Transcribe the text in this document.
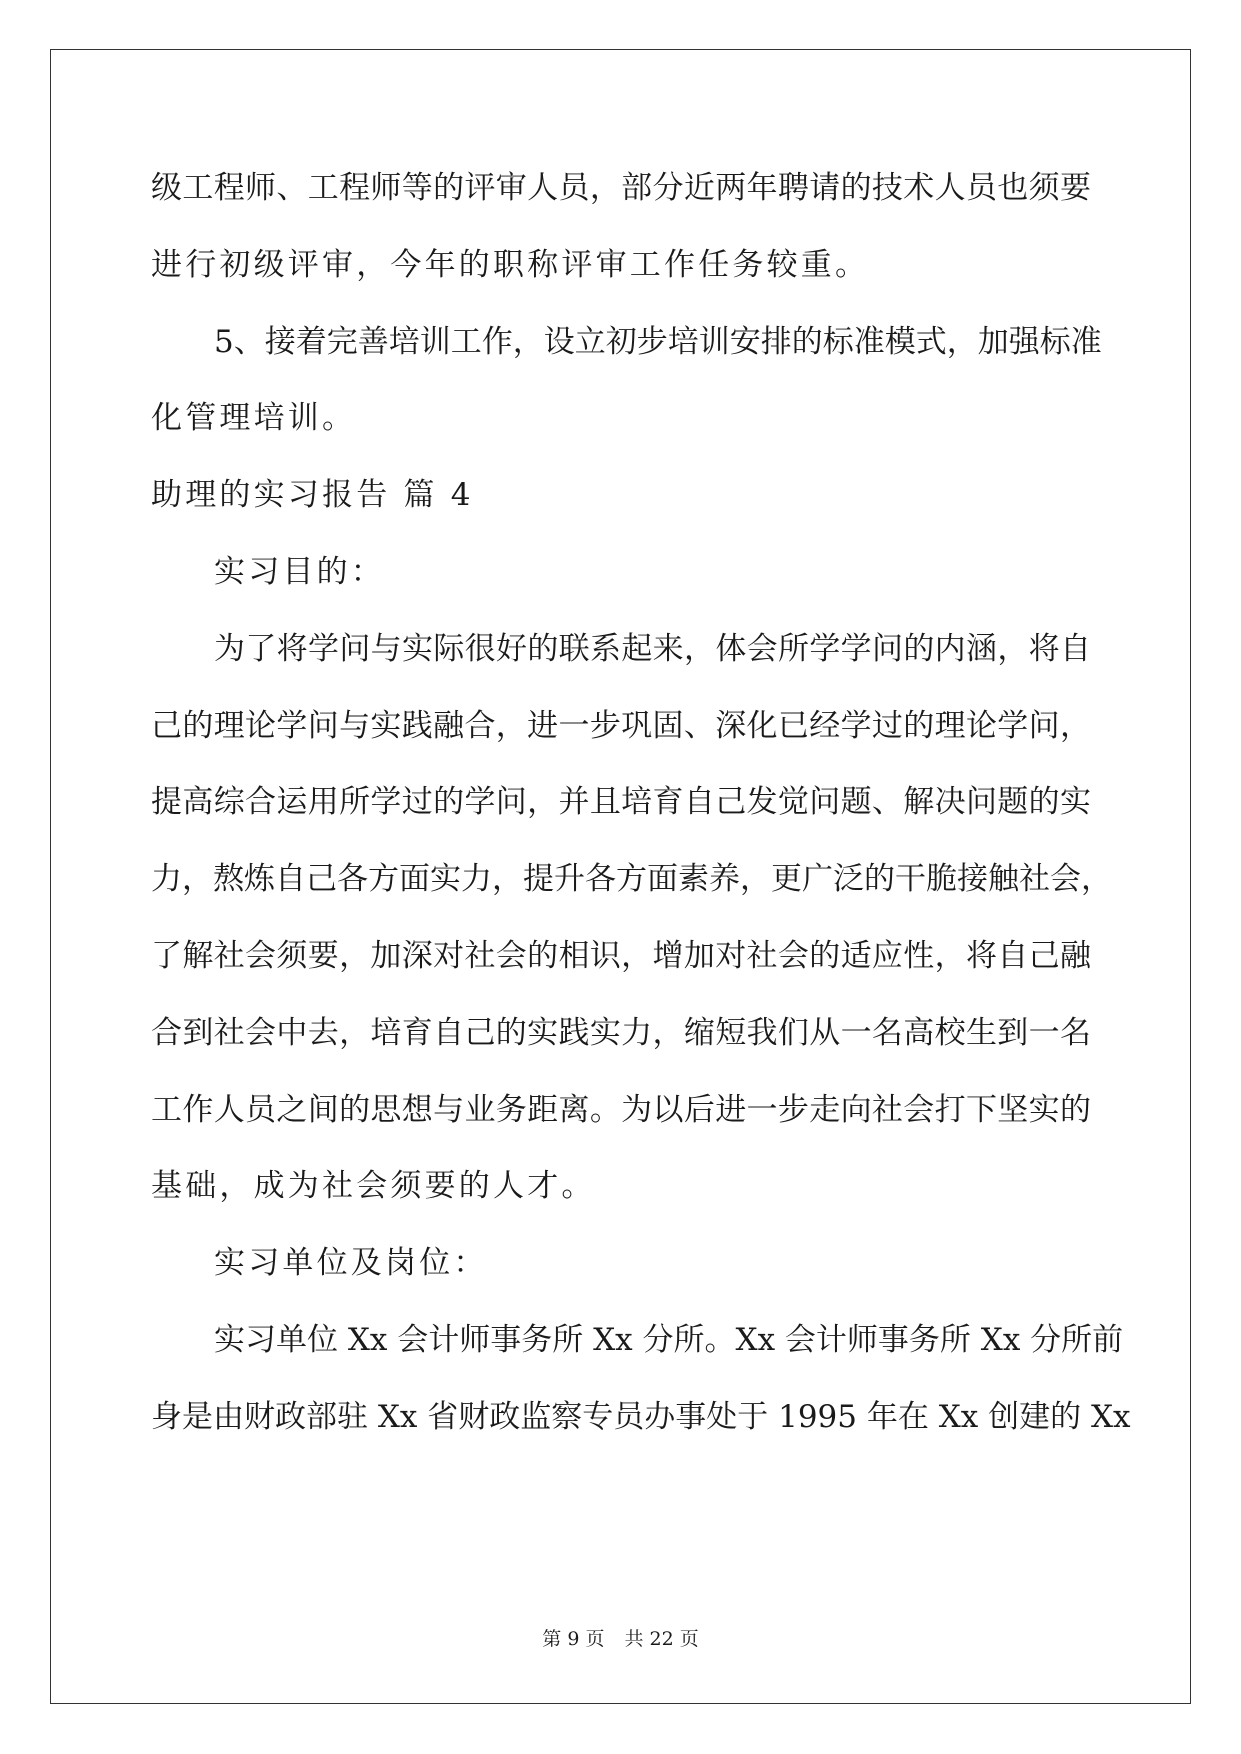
级工程师、工程师等的评审人员，部分近两年聘请的技术人员也须要
进行初级评审，今年的职称评审工作任务较重。
5、接着完善培训工作，设立初步培训安排的标准模式，加强标准
化管理培训。
助理的实习报告 篇 4
实习目的：
为了将学问与实际很好的联系起来，体会所学学问的内涵，将自
己的理论学问与实践融合，进一步巩固、深化已经学过的理论学问，
提高综合运用所学过的学问，并且培育自己发觉问题、解决问题的实
力，熬炼自己各方面实力，提升各方面素养，更广泛的干脆接触社会，
了解社会须要，加深对社会的相识，增加对社会的适应性，将自己融
合到社会中去，培育自己的实践实力，缩短我们从一名高校生到一名
工作人员之间的思想与业务距离。为以后进一步走向社会打下坚实的
基础，成为社会须要的人才。
实习单位及岗位：
实习单位 Xx 会计师事务所 Xx 分所。Xx 会计师事务所 Xx 分所前
身是由财政部驻 Xx 省财政监察专员办事处于 1995 年在 Xx 创建的 Xx
第 9 页 共 22 页
